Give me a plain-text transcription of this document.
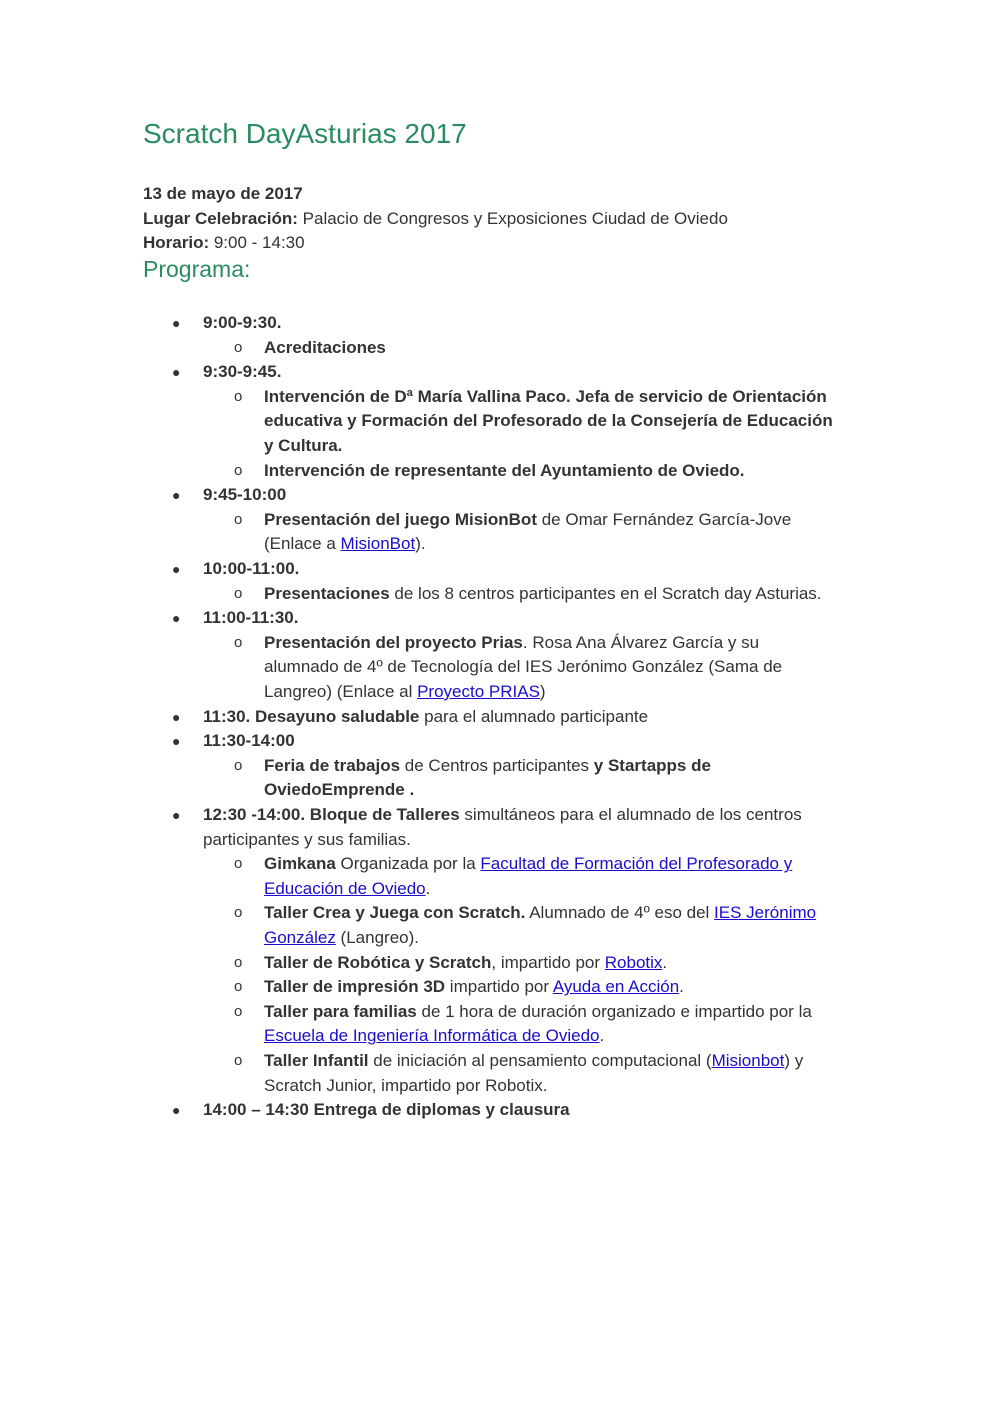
Scratch DayAsturias 2017
13 de mayo de 2017
Lugar Celebración: Palacio de Congresos y Exposiciones Ciudad de Oviedo
Horario: 9:00 - 14:30
Programa:
● 9:00-9:30.
o Acreditaciones
● 9:30-9:45.
o Intervención de Dª María Vallina Paco. Jefa de servicio de Orientación
educativa y Formación del Profesorado de la Consejería de Educación
y Cultura.
o Intervención de representante del Ayuntamiento de Oviedo.
● 9:45-10:00
o Presentación del juego MisionBot de Omar Fernández García-Jove
(Enlace a MisionBot).
● 10:00-11:00.
o Presentaciones de los 8 centros participantes en el Scratch day Asturias.
● 11:00-11:30.
o Presentación del proyecto Prias. Rosa Ana Álvarez García y su
alumnado de 4º de Tecnología del IES Jerónimo González (Sama de
Langreo) (Enlace al Proyecto PRIAS)
● 11:30. Desayuno saludable para el alumnado participante
● 11:30-14:00
o Feria de trabajos de Centros participantes y Startapps de
OviedoEmprende .
● 12:30 -14:00. Bloque de Talleres simultáneos para el alumnado de los centros
participantes y sus familias.
o Gimkana Organizada por la Facultad de Formación del Profesorado y
Educación de Oviedo.
o Taller Crea y Juega con Scratch. Alumnado de 4º eso del IES Jerónimo
González (Langreo).
o Taller de Robótica y Scratch, impartido por Robotix.
o Taller de impresión 3D impartido por Ayuda en Acción.
o Taller para familias de 1 hora de duración organizado e impartido por la
Escuela de Ingeniería Informática de Oviedo.
o Taller Infantil de iniciación al pensamiento computacional (Misionbot) y
Scratch Junior, impartido por Robotix.
● 14:00 – 14:30 Entrega de diplomas y clausura
